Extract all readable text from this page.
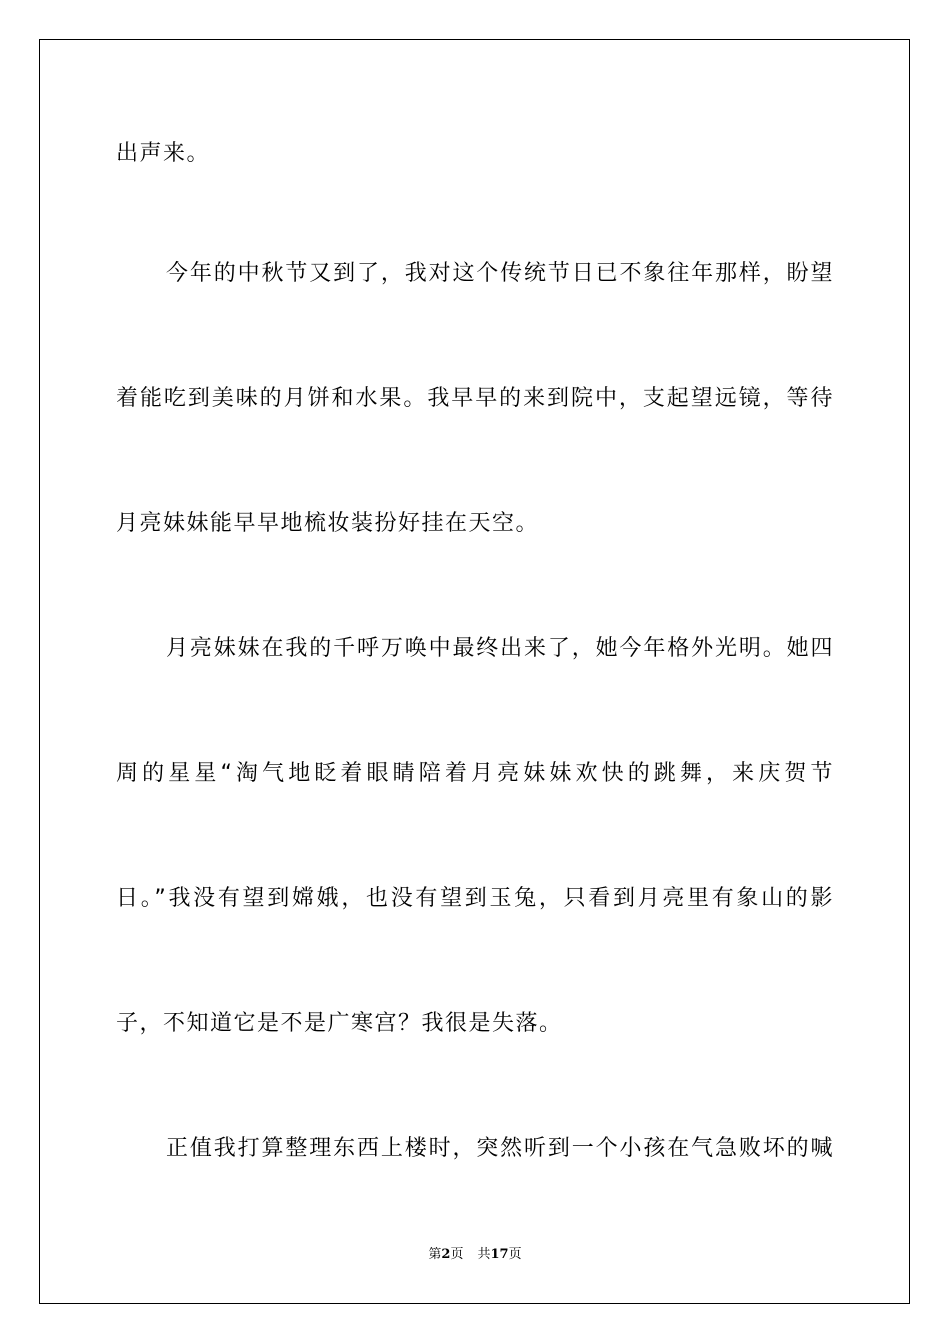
出声来。
今年的中秋节又到了，我对这个传统节日已不象往年那样，盼望
着能吃到美味的月饼和水果。我早早的来到院中，支起望远镜，等待
月亮妹妹能早早地梳妆装扮好挂在天空。
月亮妹妹在我的千呼万唤中最终出来了，她今年格外光明。她四
周的星星“淘气地眨着眼睛陪着月亮妹妹欢快的跳舞，来庆贺节
日。”我没有望到嫦娥，也没有望到玉兔，只看到月亮里有象山的影
子，不知道它是不是广寒宫？我很是失落。
正值我打算整理东西上楼时，突然听到一个小孩在气急败坏的喊
第2页 共17页
